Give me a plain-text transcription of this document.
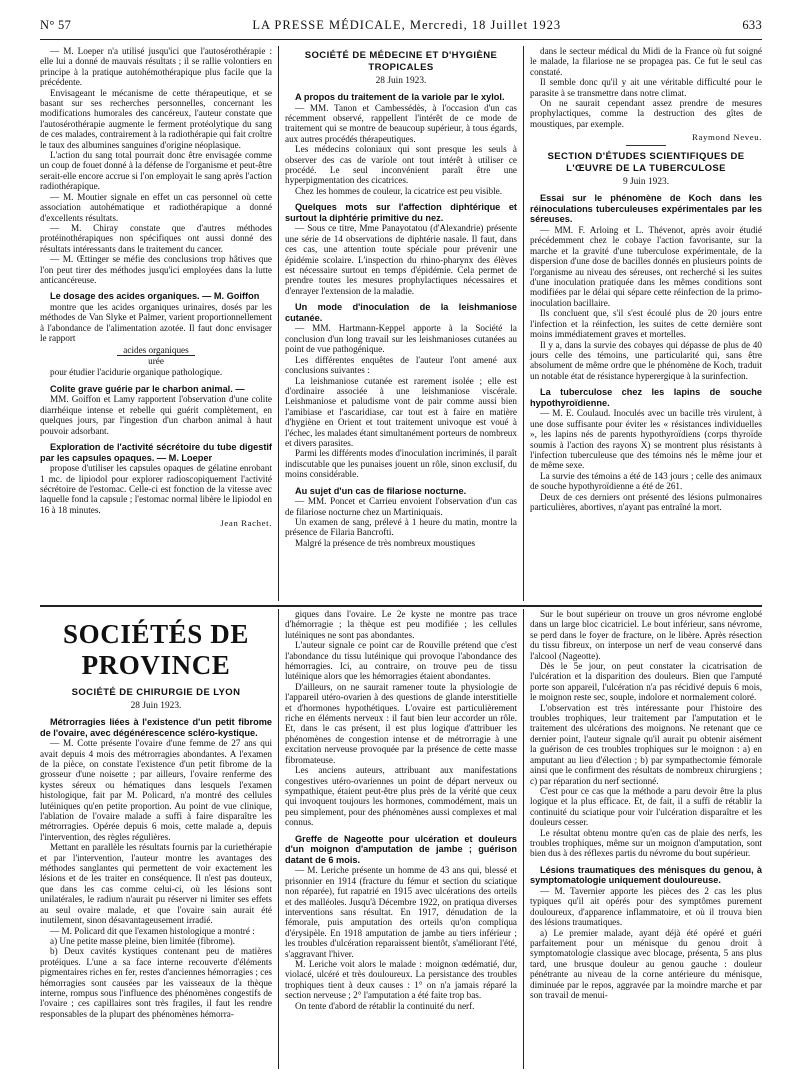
N° 57	LA PRESSE MÉDICALE, Mercredi, 18 Juillet 1923	633

— M. Loeper n'a utilisé jusqu'ici que l'autosérothérapie : elle lui a donné de mauvais résultats ; il se rallie volontiers en principe à la pratique autohémothérapique plus facile que la précédente.

Envisageant le mécanisme de cette thérapeutique, et se basant sur ses recherches personnelles, concernant les modifications humorales des cancéreux, l'auteur constate que l'autosérothérapie augmente le ferment protéolytique du sang de ces malades, contrairement à la radiothérapie qui fait croître le taux des albumines sanguines d'origine néoplasique.

L'action du sang total pourrait donc être envisagée comme un coup de fouet donné à la défense de l'organisme et peut-être serait-elle encore accrue si l'on employait le sang après l'action radiothérapique.

— M. Moutier signale en effet un cas personnel où cette association autohématique et radiothérapique a donné d'excellents résultats.

— M. Chiray constate que d'autres méthodes protéinothérapiques non spécifiques ont aussi donné des résultats intéressants dans le traitement du cancer.

— M. Œttinger se méfie des conclusions trop hâtives que l'on peut tirer des méthodes jusqu'ici employées dans la lutte anticancéreuse.

Le dosage des acides organiques. — M. Goiffon

montre que les acides organiques urinaires, dosés par les méthodes de Van Slyke et Palmer, varient proportionnellement à l'abondance de l'alimentation azotée. Il faut donc envisager le rapport

acides organiques
urée

pour étudier l'acidurie organique pathologique.

Colite grave guérie par le charbon animal. —

MM. Goiffon et Lamy rapportent l'observation d'une colite diarrhéique intense et rebelle qui guérit complètement, en quelques jours, par l'ingestion d'un charbon animal à haut pouvoir adsorbant.

Exploration de l'activité sécrétoire du tube digestif par les capsules opaques. — M. Loeper

propose d'utiliser les capsules opaques de gélatine enrobant 1 mc. de lipiodol pour explorer radioscopiquement l'activité sécrétoire de l'estomac. Celle-ci est fonction de la vitesse avec laquelle fond la capsule ; l'estomac normal libère le lipiodol en 16 à 18 minutes.

Jean Rachet.
SOCIÉTÉ DE MÉDECINE ET D'HYGIÈNE TROPICALES
28 Juin 1923.
A propos du traitement de la variole par le xylol.

— MM. Tanon et Cambessédès, à l'occasion d'un cas récemment observé, rappellent l'intérêt de ce mode de traitement qui se montre de beaucoup supérieur, à tous égards, aux autres procédés thérapeutiques.

Les médecins coloniaux qui sont presque les seuls à observer des cas de variole ont tout intérêt à utiliser ce procédé. Le seul inconvénient paraît être une hyperpigmentation des cicatrices.

Chez les hommes de couleur, la cicatrice est peu visible.

Quelques mots sur l'affection diphtérique et surtout la diphtérie primitive du nez.

— Sous ce titre, Mme Panayotatou (d'Alexandrie) présente une série de 14 observations de diphtérie nasale. Il faut, dans ces cas, une attention toute spéciale pour prévenir une épidémie scolaire. L'inspection du rhino-pharynx des élèves est nécessaire surtout en temps d'épidémie. Cela permet de prendre toutes les mesures prophylactiques nécessaires et d'enrayer l'extension de la maladie.

Un mode d'inoculation de la leishmaniose cutanée.

— MM. Hartmann-Keppel apporte à la Société la conclusion d'un long travail sur les leishmanioses cutanées au point de vue pathogénique.

Les différentes enquêtes de l'auteur l'ont amené aux conclusions suivantes :

La leishmaniose cutanée est rarement isolée ; elle est d'ordinaire associée à une leishmaniose viscérale. Leishmaniose et paludisme vont de pair comme aussi bien l'amibiase et l'ascaridiase, car tout est à faire en matière d'hygiène en Orient et tout traitement univoque est voué à l'échec, les malades étant simultanément porteurs de nombreux et divers parasites.

Parmi les différents modes d'inoculation incriminés, il paraît indiscutable que les punaises jouent un rôle, sinon exclusif, du moins considérable.

Au sujet d'un cas de filariose nocturne.

— MM. Poncet et Carrieu envoient l'observation d'un cas de filariose nocturne chez un Martiniquais.

Un examen de sang, prélevé à 1 heure du matin, montre la présence de Filaria Bancrofti.

Malgré la présence de très nombreux moustiques

dans le secteur médical du Midi de la France où fut soigné le malade, la filariose ne se propagea pas. Ce fut le seul cas constaté.

Il semble donc qu'il y ait une véritable difficulté pour le parasite à se transmettre dans notre climat.

On ne saurait cependant assez prendre de mesures prophylactiques, comme la destruction des gîtes de moustiques, par exemple.

Raymond Neveu.
SECTION D'ÉTUDES SCIENTIFIQUES DE L'ŒUVRE DE LA TUBERCULOSE
9 Juin 1923.
Essai sur le phénomène de Koch dans les réinoculations tuberculeuses expérimentales par les séreuses.

— MM. F. Arloing et L. Thévenot, après avoir étudié précédemment chez le cobaye l'action favorisante, sur la marche et la gravité d'une tuberculose expérimentale, de la dispersion d'une dose de bacilles donnés en plusieurs points de l'organisme au niveau des séreuses, ont recherché si les suites d'une inoculation pratiquée dans les mêmes conditions sont modifiées par le délai qui sépare cette réinfection de la primo-inoculation bacillaire.

Ils concluent que, s'il s'est écoulé plus de 20 jours entre l'infection et la réinfection, les suites de cette dernière sont moins immédiatement graves et mortelles.

Il y a, dans la survie des cobayes qui dépasse de plus de 40 jours celle des témoins, une particularité qui, sans être absolument de même ordre que le phénomène de Koch, traduit un notable état de résistance hyperergique à la surinfection.

La tuberculose chez les lapins de souche hypothyroïdienne.

— M. E. Coulaud. Inoculés avec un bacille très virulent, à une dose suffisante pour éviter les « résistances individuelles », les lapins nés de parents hypothyroïdiens (corps thyroïde soumis à l'action des rayons X) se montrent plus résistants à l'infection tuberculeuse que des témoins nés le même jour et de même sexe.

La survie des témoins a été de 143 jours ; celle des animaux de souche hypothyroïdienne a été de 261.

Deux de ces derniers ont présenté des lésions pulmonaires particulières, abortives, n'ayant pas entraîné la mort.

SOCIÉTÉS DE PROVINCE
SOCIÉTÉ DE CHIRURGIE DE LYON
28 Juin 1923.
Métrorragies liées à l'existence d'un petit fibrome de l'ovaire, avec dégénérescence scléro-kystique.

— M. Cotte présente l'ovaire d'une femme de 27 ans qui avait depuis 4 mois des métrorragies abondantes. A l'examen de la pièce, on constate l'existence d'un petit fibrome de la grosseur d'une noisette ; par ailleurs, l'ovaire renferme des kystes séreux ou hématiques dans lesquels l'examen histologique, fait par M. Policard, n'a montré des cellules lutéiniques qu'en petite proportion. Au point de vue clinique, l'ablation de l'ovaire malade a suffi à faire disparaître les métrorragies. Opérée depuis 6 mois, cette malade a, depuis l'intervention, des règles régulières.

Mettant en parallèle les résultats fournis par la curiethérapie et par l'intervention, l'auteur montre les avantages des méthodes sanglantes qui permettent de voir exactement les lésions et de les traiter en conséquence. Il n'est pas douteux, que dans les cas comme celui-ci, où les lésions sont unilatérales, le radium n'aurait pu réserver ni limiter ses effets au seul ovaire malade, et que l'ovaire sain aurait été inutilement, sinon désavantageusement irradié.

— M. Policard dit que l'examen histologique a montré :

a) Une petite masse pleine, bien limitée (fibrome).

b) Deux cavités kystiques contenant peu de matières protéiques. L'une a sa face interne recouverte d'éléments pigmentaires riches en fer, restes d'anciennes hémorragies ; ces hémorragies sont causées par les vaisseaux de la thèque interne, rompus sous l'influence des phénomènes congestifs de l'ovaire ; ces capillaires sont très fragiles, il faut les rendre responsables de la plupart des phénomènes hémorra-

giques dans l'ovaire. Le 2e kyste ne montre pas trace d'hémorragie ; la thèque est peu modifiée ; les cellules lutéiniques ne sont pas abondantes.

L'auteur signale ce point car de Rouville prétend que c'est l'abondance du tissu lutéinique qui provoque l'abondance des hémorragies. Ici, au contraire, on trouve peu de tissu lutéinique alors que les hémorragies étaient abondantes.

D'ailleurs, on ne saurait ramener toute la physiologie de l'appareil utéro-ovarien à des questions de glande interstitielle et d'hormones hypothétiques. L'ovaire est particulièrement riche en éléments nerveux : il faut bien leur accorder un rôle. Et, dans le cas présent, il est plus logique d'attribuer les phénomènes de congestion intense et de métrorragie à une excitation nerveuse provoquée par la présence de cette masse fibromateuse.

Les anciens auteurs, attribuant aux manifestations congestives utéro-ovariennes un point de départ nerveux ou sympathique, étaient peut-être plus près de la vérité que ceux qui invoquent toujours les hormones, commodément, mais un peu simplement, pour des phénomènes aussi complexes et mal connus.

Greffe de Nageotte pour ulcération et douleurs d'un moignon d'amputation de jambe ; guérison datant de 6 mois.

— M. Leriche présente un homme de 43 ans qui, blessé et prisonnier en 1914 (fracture du fémur et section du sciatique non réparée), fut rapatrié en 1915 avec ulcérations des orteils et des malléoles. Jusqu'à Décembre 1922, on pratiqua diverses interventions sans résultat. En 1917, dénudation de la fémorale, puis amputation des orteils qu'on compliqua d'érysipèle. En 1918 amputation de jambe au tiers inférieur ; les troubles d'ulcération reparaissent bientôt, s'améliorant l'été, s'aggravant l'hiver.

M. Leriche voit alors le malade : moignon œdématié, dur, violacé, ulcéré et très douloureux. La persistance des troubles trophiques tient à deux causes : 1° on n'a jamais réparé la section nerveuse ; 2° l'amputation a été faite trop bas.

On tente d'abord de rétablir la continuité du nerf.

Sur le bout supérieur on trouve un gros névrome englobé dans un large bloc cicatriciel. Le bout inférieur, sans névrome, se perd dans le foyer de fracture, on le libère. Après résection du tissu fibreux, on interpose un nerf de veau conservé dans l'alcool (Nageotte).

Dès le 5e jour, on peut constater la cicatrisation de l'ulcération et la disparition des douleurs. Bien que l'amputé porte son appareil, l'ulcération n'a pas récidivé depuis 6 mois, le moignon reste sec, souple, indolore et normalement coloré.

L'observation est très intéressante pour l'histoire des troubles trophiques, leur traitement par l'amputation et le traitement des ulcérations des moignons. Ne retenant que ce dernier point, l'auteur signale qu'il aurait pu obtenir aisément la guérison de ces troubles trophiques sur le moignon : a) en amputant au lieu d'élection ; b) par sympathectomie fémorale ainsi que le confirment des résultats de nombreux chirurgiens ; c) par réparation du nerf sectionné.

C'est pour ce cas que la méthode a paru devoir être la plus logique et la plus efficace. Et, de fait, il a suffi de rétablir la continuité du sciatique pour voir l'ulcération disparaître et les douleurs cesser.

Le résultat obtenu montre qu'en cas de plaie des nerfs, les troubles trophiques, même sur un moignon d'amputation, sont bien dus à des réflexes partis du névrome du bout supérieur.

Lésions traumatiques des ménisques du genou, à symptomatologie uniquement douloureuse.

— M. Tavernier apporte les pièces des 2 cas les plus typiques qu'il ait opérés pour des symptômes purement douloureux, d'apparence inflammatoire, et où il trouva bien des lésions traumatiques.

a) Le premier malade, ayant déjà été opéré et guéri parfaitement pour un ménisque du genou droit à symptomatologie classique avec blocage, présenta, 5 ans plus tard, une brusque douleur au genou gauche : douleur pénétrante au niveau de la corne antérieure du ménisque, diminuée par le repos, aggravée par la moindre marche et par son travail de menui-
